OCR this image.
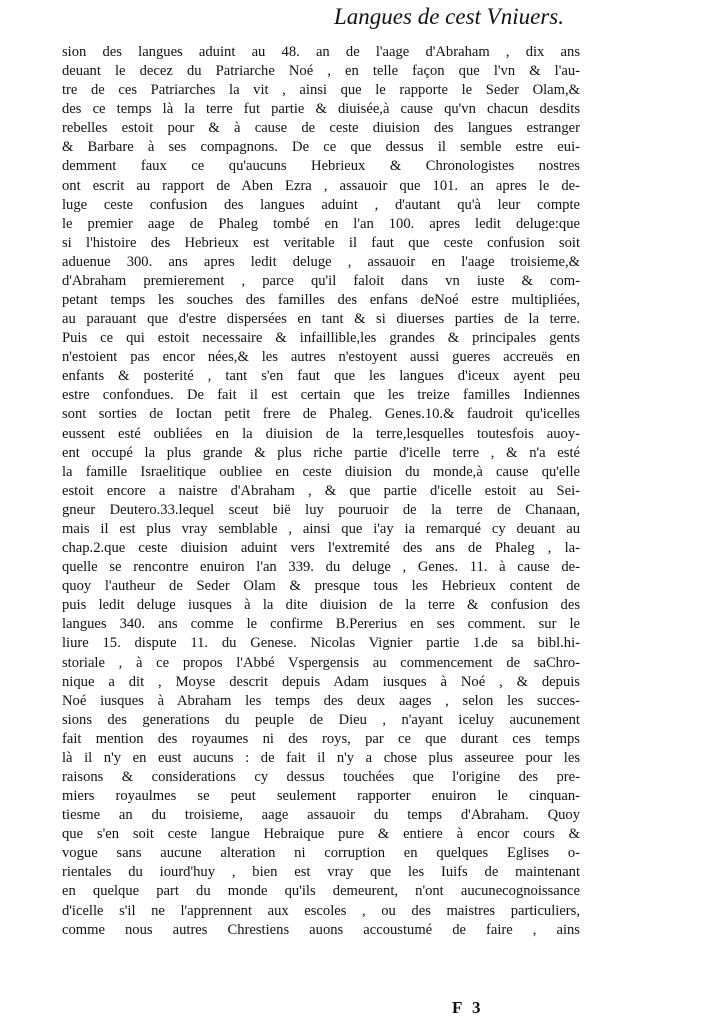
Langues de cest Vniuers.
sion des langues aduint au 48. an de l'aage d'Abraham , dix ans
deuant le decez du Patriarche Noé , en telle façon que l'vn & l'au-
tre de ces Patriarches la vit , ainsi que le rapporte le Seder Olam,&
des ce temps là la terre fut partie & diuisée,à cause qu'vn chacun desdits
rebelles estoit pour & à cause de ceste diuision des langues estranger
& Barbare à ses compagnons. De ce que dessus il semble estre eui-
demment faux ce qu'aucuns Hebrieux & Chronologistes nostres
ont escrit au rapport de Aben Ezra , assauoir que 101. an apres le de-
luge ceste confusion des langues aduint , d'autant qu'à leur compte
le premier aage de Phaleg tombé en l'an 100. apres ledit deluge:que
si l'histoire des Hebrieux est veritable il faut que ceste confusion soit
aduenue 300. ans apres ledit deluge , assauoir en l'aage troisieme,&
d'Abraham premierement , parce qu'il faloit dans vn iuste & com-
petant temps les souches des familles des enfans deNoé estre multipliées,
au parauant que d'estre dispersées en tant & si diuerses parties de la terre.
Puis ce qui estoit necessaire & infaillible,les grandes & principales gents
n'estoient pas encor nées,& les autres n'estoyent aussi gueres accreuës en
enfants & posterité , tant s'en faut que les langues d'iceux ayent peu
estre confondues. De fait il est certain que les treize familles Indiennes
sont sorties de Ioctan petit frere de Phaleg. Genes.10.& faudroit qu'icelles
eussent esté oubliées en la diuision de la terre,lesquelles toutesfois auoy-
ent occupé la plus grande & plus riche partie d'icelle terre , & n'a esté
la famille Israelitique oubliee en ceste diuision du monde,à cause qu'elle
estoit encore a naistre d'Abraham , & que partie d'icelle estoit au Sei-
gneur Deutero.33.lequel sceut bië luy pouruoir de la terre de Chanaan,
mais il est plus vray semblable , ainsi que i'ay ia remarqué cy deuant au
chap.2.que ceste diuision aduint vers l'extremité des ans de Phaleg , la-
quelle se rencontre enuiron l'an 339. du deluge , Genes. 11. à cause de-
quoy l'autheur de Seder Olam & presque tous les Hebrieux content de
puis ledit deluge iusques à la dite diuision de la terre & confusion des
langues 340. ans comme le confirme B.Pererius en ses comment. sur le
liure 15. dispute 11. du Genese. Nicolas Vignier partie 1.de sa bibl.hi-
storiale , à ce propos l'Abbé Vspergensis au commencement de saChro-
nique a dit , Moyse descrit depuis Adam iusques à Noé , & depuis
Noé iusques à Abraham les temps des deux aages , selon les succes-
sions des generations du peuple de Dieu , n'ayant iceluy aucunement
fait mention des royaumes ni des roys, par ce que durant ces temps
là il n'y en eust aucuns : de fait il n'y a chose plus asseuree pour les
raisons & considerations cy dessus touchées que l'origine des pre-
miers royaulmes se peut seulement rapporter enuiron le cinquan-
tiesme an du troisieme, aage assauoir du temps d'Abraham. Quoy
que s'en soit ceste langue Hebraique pure & entiere à encor cours &
vogue sans aucune alteration ni corruption en quelques Eglises o-
rientales du iourd'huy , bien est vray que les Iuifs de maintenant
en quelque part du monde qu'ils demeurent, n'ont aucunecognoissance
d'icelle s'il ne l'apprennent aux escoles , ou des maistres particuliers,
comme nous autres Chrestiens auons accoustumé de faire , ains
F 3
